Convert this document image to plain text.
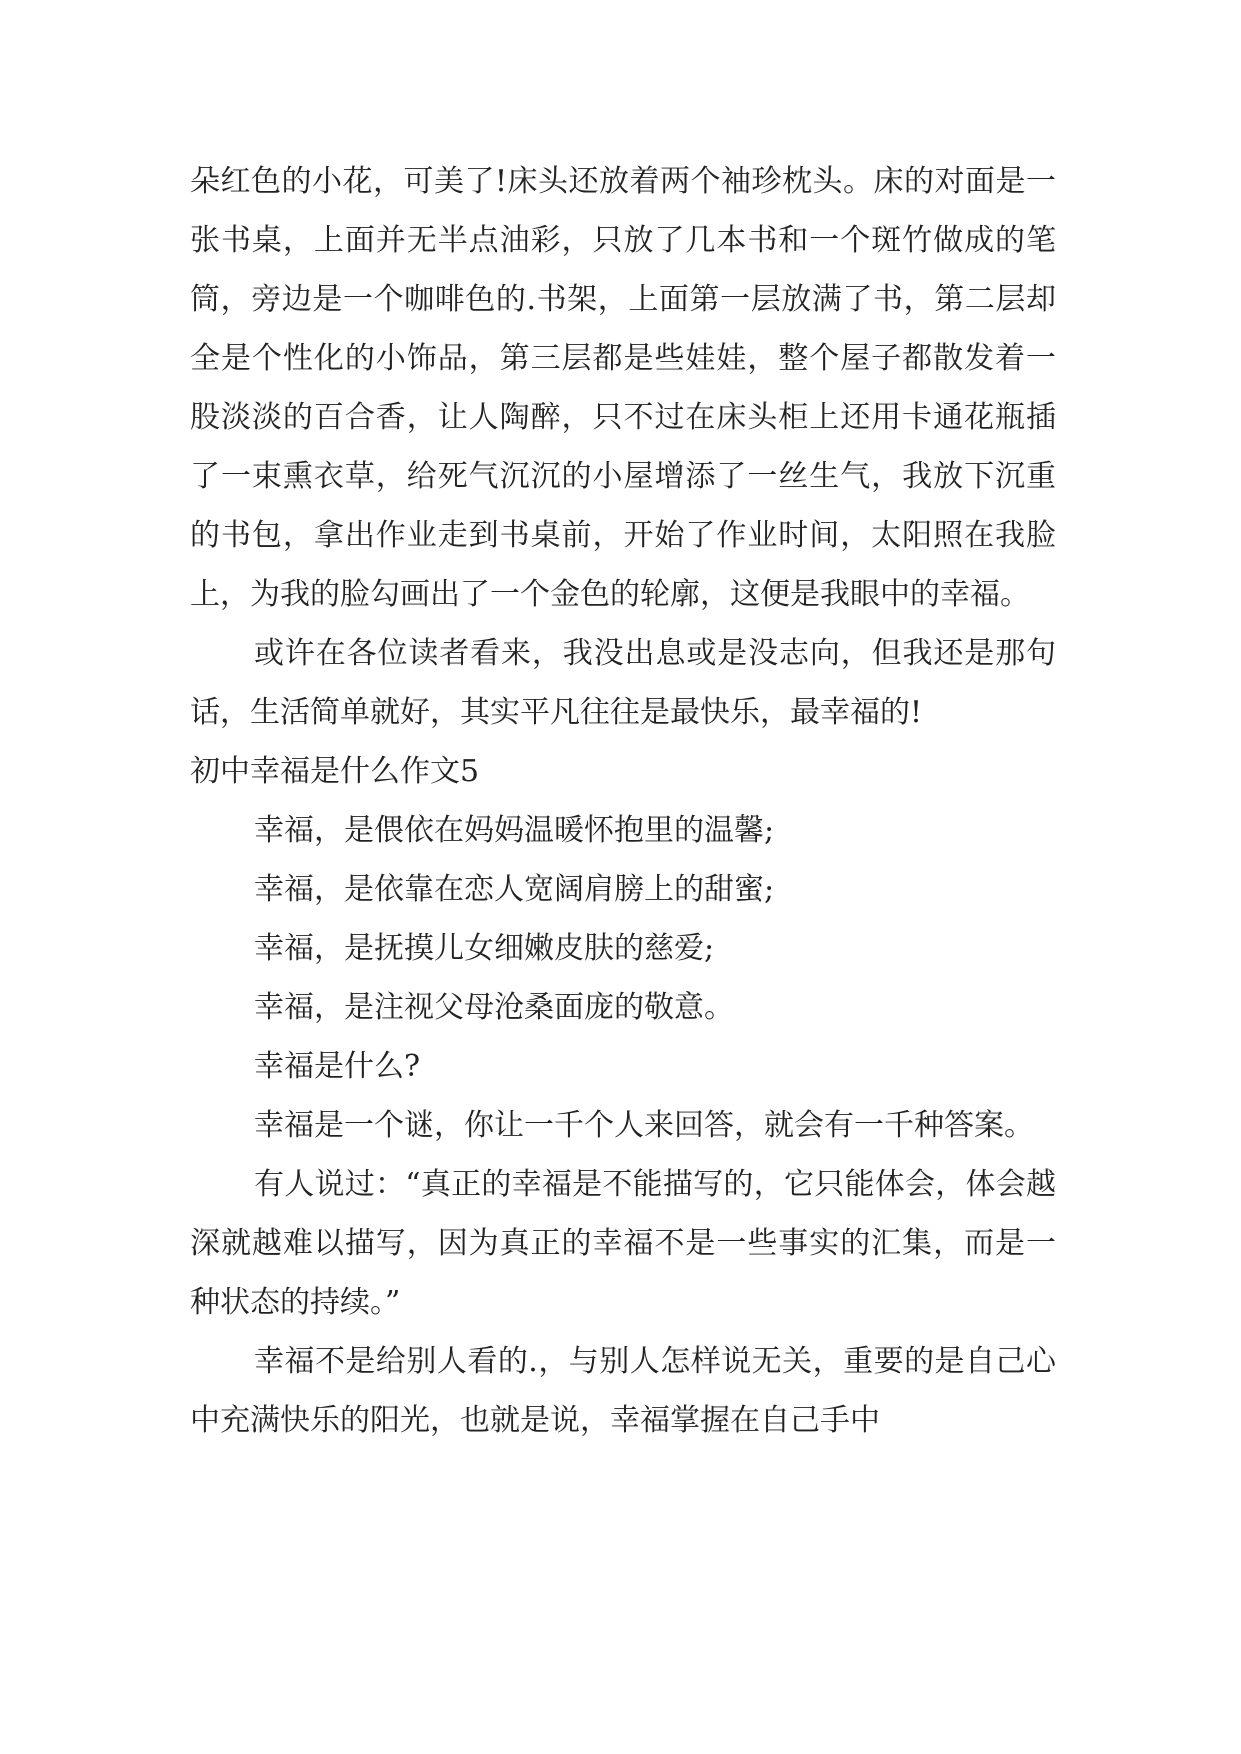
朵红色的小花，可美了!床头还放着两个袖珍枕头。床的对面是一张书桌，上面并无半点油彩，只放了几本书和一个斑竹做成的笔筒，旁边是一个咖啡色的.书架，上面第一层放满了书，第二层却全是个性化的小饰品，第三层都是些娃娃，整个屋子都散发着一股淡淡的百合香，让人陶醉，只不过在床头柜上还用卡通花瓶插了一束熏衣草，给死气沉沉的小屋增添了一丝生气，我放下沉重的书包，拿出作业走到书桌前，开始了作业时间，太阳照在我脸上，为我的脸勾画出了一个金色的轮廓，这便是我眼中的幸福。

或许在各位读者看来，我没出息或是没志向，但我还是那句话，生活简单就好，其实平凡往往是最快乐，最幸福的!

初中幸福是什么作文5

幸福，是偎依在妈妈温暖怀抱里的温馨;

幸福，是依靠在恋人宽阔肩膀上的甜蜜;

幸福，是抚摸儿女细嫩皮肤的慈爱;

幸福，是注视父母沧桑面庞的敬意。

幸福是什么?

幸福是一个谜，你让一千个人来回答，就会有一千种答案。

有人说过：“真正的幸福是不能描写的，它只能体会，体会越深就越难以描写，因为真正的幸福不是一些事实的汇集，而是一种状态的持续。”

幸福不是给别人看的.，与别人怎样说无关，重要的是自己心中充满快乐的阳光，也就是说，幸福掌握在自己手中
